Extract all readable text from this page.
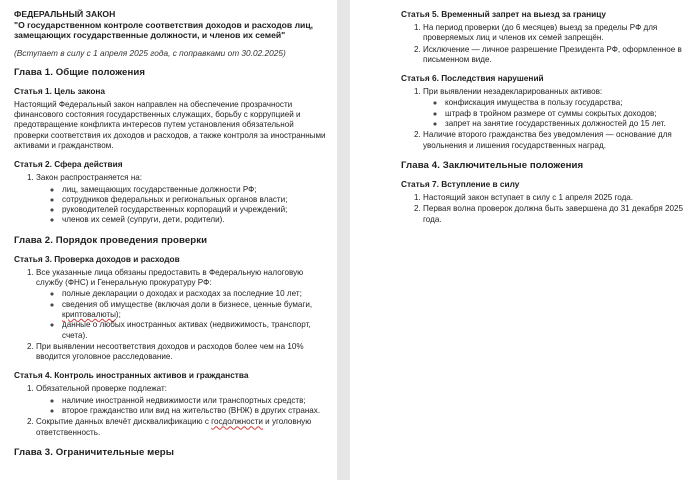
ФЕДЕРАЛЬНЫЙ ЗАКОН

"О государственном контроле соответствия доходов и расходов лиц, замещающих государственные должности, и членов их семей"

(Вступает в силу с 1 апреля 2025 года, с поправками от 30.02.2025)

Глава 1. Общие положения
Статья 1. Цель закона

Настоящий Федеральный закон направлен на обеспечение прозрачности финансового состояния государственных служащих, борьбу с коррупцией и предотвращение конфликта интересов путем установления обязательной проверки соответствия их доходов и расходов, а также контроля за иностранными активами и гражданством.

Статья 2. Сфера действия
1. Закон распространяется на:
◦ лиц, замещающих государственные должности РФ;
◦ сотрудников федеральных и региональных органов власти;
◦ руководителей государственных корпораций и учреждений;
◦ членов их семей (супруги, дети, родители).
Глава 2. Порядок проведения проверки
Статья 3. Проверка доходов и расходов
1. Все указанные лица обязаны предоставить в Федеральную налоговую службу (ФНС) и Генеральную прокуратуру РФ:
◦ полные декларации о доходах и расходах за последние 10 лет;
◦ сведения об имуществе (включая доли в бизнесе, ценные бумаги, криптовалюты);
◦ данные о любых иностранных активах (недвижимость, транспорт, счета).
2. При выявлении несоответствия доходов и расходов более чем на 10% вводится уголовное расследование.
Статья 4. Контроль иностранных активов и гражданства
1. Обязательной проверке подлежат:
◦ наличие иностранной недвижимости или транспортных средств;
◦ второе гражданство или вид на жительство (ВНЖ) в других странах.
2. Сокрытие данных влечёт дисквалификацию с госдолжности и уголовную ответственность.
Глава 3. Ограничительные меры
Статья 5. Временный запрет на выезд за границу
1. На период проверки (до 6 месяцев) выезд за пределы РФ для проверяемых лиц и членов их семей запрещён.
2. Исключение — личное разрешение Президента РФ, оформленное в письменном виде.
Статья 6. Последствия нарушений
1. При выявлении незадекларированных активов:
◦ конфискация имущества в пользу государства;
◦ штраф в тройном размере от суммы сокрытых доходов;
◦ запрет на занятие государственных должностей до 15 лет.
2. Наличие второго гражданства без уведомления — основание для увольнения и лишения государственных наград.
Глава 4. Заключительные положения
Статья 7. Вступление в силу
1. Настоящий закон вступает в силу с 1 апреля 2025 года.
2. Первая волна проверок должна быть завершена до 31 декабря 2025 года.
